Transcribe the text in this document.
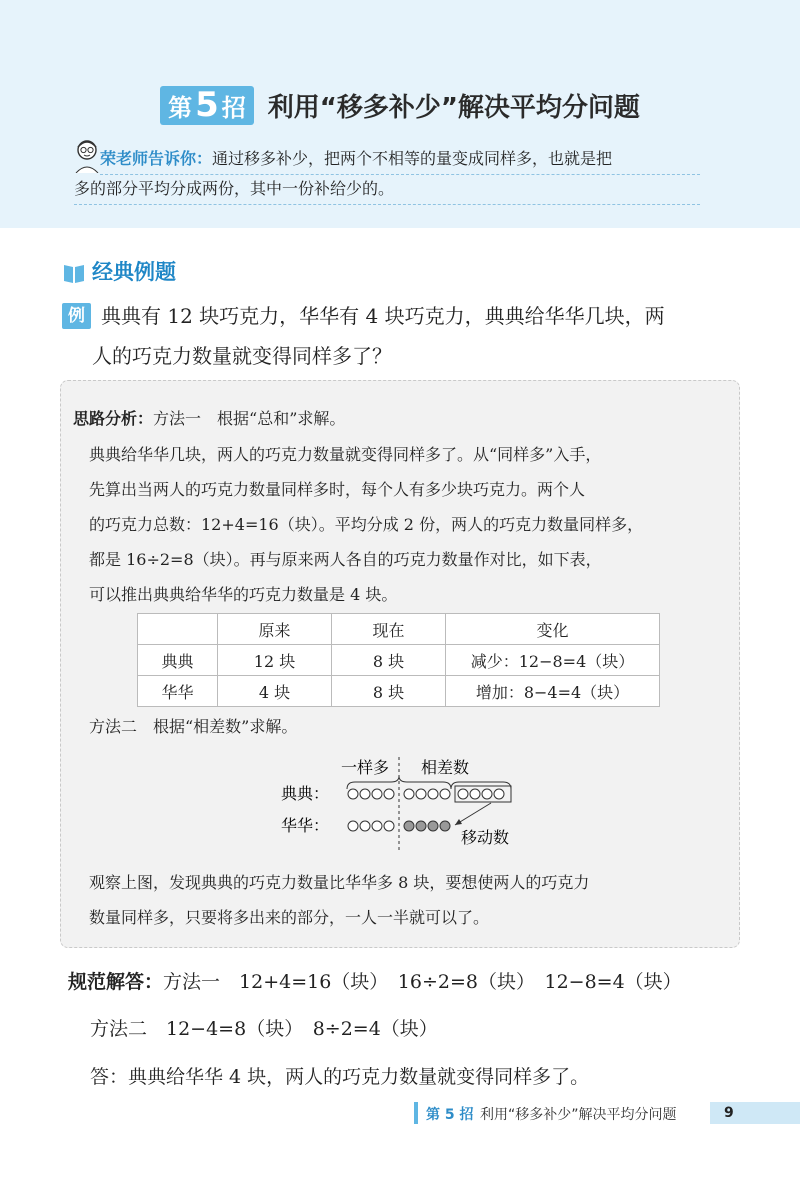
第5 招 利用“移多补少”解决平均分问题
荣老师告诉你：通过移多补少，把两个不相等的量变成同样多，也就是把
多的部分平均分成两份，其中一份补给少的。
经典例题
例 典典有 12 块巧克力，华华有 4 块巧克力，典典给华华几块，两
人的巧克力数量就变得同样多了？
思路分析：方法一　根据“总和”求解。
典典给华华几块，两人的巧克力数量就变得同样多了。从“同样多”入手，
先算出当两人的巧克力数量同样多时，每个人有多少块巧克力。两个人
的巧克力总数：12+4=16（块）。平均分成 2 份，两人的巧克力数量同样多，
都是 16÷2=8（块）。再与原来两人各自的巧克力数量作对比，如下表，
可以推出典典给华华的巧克力数量是 4 块。
	原来	现在	变化
典典	12 块	8 块	减少：12−8=4（块）
华华	4 块	8 块	增加：8−4=4（块）
方法二　根据“相差数”求解。
一样多 相差数
典典：
华华：
移动数
观察上图，发现典典的巧克力数量比华华多 8 块，要想使两人的巧克力
数量同样多，只要将多出来的部分，一人一半就可以了。
规范解答：方法一　12+4=16（块）　16÷2=8（块）　12−8=4（块）
方法二　12−4=8（块）　8÷2=4（块）
答：典典给华华 4 块，两人的巧克力数量就变得同样多了。
第 5 招 利用“移多补少”解决平均分问题	9
